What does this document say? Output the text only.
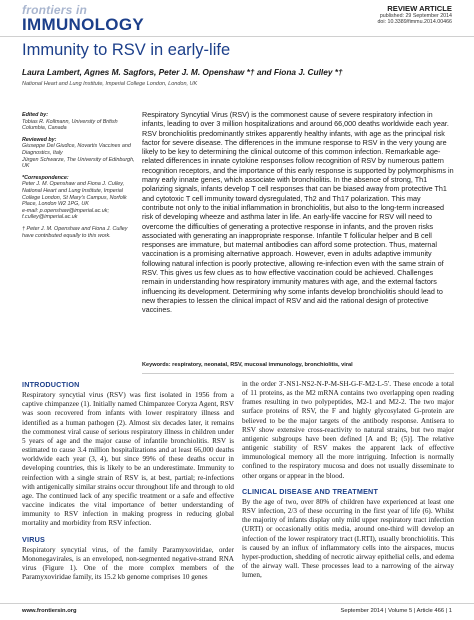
frontiers in
IMMUNOLOGY
REVIEW ARTICLE
published: 29 September 2014
doi: 10.3389/fimmu.2014.00466
Immunity to RSV in early-life
Laura Lambert, Agnes M. Sagfors, Peter J. M. Openshaw *† and Fiona J. Culley *†
National Heart and Lung Institute, Imperial College London, London, UK
Edited by:
Tobias R. Kollmann, University of British Columbia, Canada
Reviewed by:
Giuseppe Del Giudice, Novartis Vaccines and Diagnostics, Italy
Jürgen Schwarze, The University of Edinburgh, UK
*Correspondence:
Peter J. M. Openshaw and Fiona J. Culley, National Heart and Lung Institute, Imperial College London, St Mary's Campus, Norfolk Place, London W2 1PG, UK
e-mail: p.openshaw@imperial.ac.uk; f.culley@imperial.ac.uk
† Peter J. M. Openshaw and Fiona J. Culley have contributed equally to this work.

Respiratory Syncytial Virus (RSV) is the commonest cause of severe respiratory infection in infants, leading to over 3 million hospitalizations and around 66,000 deaths worldwide each year. RSV bronchiolitis predominantly strikes apparently healthy infants, with age as the principal risk factor for severe disease. The differences in the immune response to RSV in the very young are likely to be key to determining the clinical outcome of this common infection. Remarkable age-related differences in innate cytokine responses follow recognition of RSV by numerous pattern recognition receptors, and the importance of this early response is supported by polymorphisms in many early innate genes, which associate with bronchiolitis. In the absence of strong, Th1 polarizing signals, infants develop T cell responses that can be biased away from protective Th1 and cytotoxic T cell immunity toward dysregulated, Th2 and Th17 polarization. This may contribute not only to the initial inflammation in bronchiolitis, but also to the long-term increased risk of developing wheeze and asthma later in life. An early-life vaccine for RSV will need to overcome the difficulties of generating a protective response in infants, and the proven risks associated with generating an inappropriate response. Infantile T follicular helper and B cell responses are immature, but maternal antibodies can afford some protection. Thus, maternal vaccination is a promising alternative approach. However, even in adults adaptive immunity following natural infection is poorly protective, allowing re-infection even with the same strain of RSV. This gives us few clues as to how effective vaccination could be achieved. Challenges remain in understanding how respiratory immunity matures with age, and the external factors influencing its development. Determining why some infants develop bronchiolitis should lead to new therapies to lessen the clinical impact of RSV and aid the rational design of protective vaccines.

Keywords: respiratory, neonatal, RSV, mucosal immunology, bronchiolitis, viral
INTRODUCTION

Respiratory syncytial virus (RSV) was first isolated in 1956 from a captive chimpanzee (1). Initially named Chimpanzee Coryza Agent, RSV was soon recovered from infants with lower respiratory illness and identified as a human pathogen (2). Almost six decades later, it remains the commonest viral cause of serious respiratory illness in children under 5 years of age and the major cause of infantile bronchiolitis. RSV is estimated to cause 3.4 million hospitalizations and at least 66,000 deaths worldwide each year (3, 4), but since 99% of these deaths occur in developing countries, this is likely to be an underestimate. Immunity to reinfection with a single strain of RSV is, at best, partial; re-infections with antigenically similar strains occur throughout life and through to old age. The continued lack of any specific treatment or a safe and effective vaccine indicates the vital importance of better understanding of immunity to RSV infection in making progress in reducing global mortality and morbidity from RSV infection.

VIRUS

Respiratory syncytial virus, of the family Paramyxoviridae, order Mononegavirales, is an enveloped, non-segmented negative-strand RNA virus (Figure 1). One of the more complex members of the Paramyxoviridae family, its 15.2 kb genome comprises 10 genes

in the order 3′-NS1-NS2-N-P-M-SH-G-F-M2-L-5′. These encode a total of 11 proteins, as the M2 mRNA contains two overlapping open reading frames resulting in two polypeptides, M2-1 and M2-2. The two major surface proteins of RSV, the F and highly glycosylated G-protein are believed to be the major targets of the antibody response. Antisera to RSV show extensive cross-reactivity to natural strains, but two major antigenic subgroups have been defined [A and B; (5)]. The relative antigenic stability of RSV makes the apparent lack of effective immunological memory all the more intriguing. Infection is normally confined to the respiratory mucosa and does not usually disseminate to other organs or appear in the blood.

CLINICAL DISEASE AND TREATMENT

By the age of two, over 80% of children have experienced at least one RSV infection, 2/3 of these occurring in the first year of life (6). Whilst the majority of infants display only mild upper respiratory tract infection (URTI) or occasionally otitis media, around one-third will develop an infection of the lower respiratory tract (LRTI), usually bronchiolitis. This is caused by an influx of inflammatory cells into the airspaces, mucus hyper-production, shedding of necrotic airway epithelial cells, and edema of the airway wall. These processes lead to a narrowing of the airway lumen,

www.frontiersin.org	September 2014 | Volume 5 | Article 466 | 1
